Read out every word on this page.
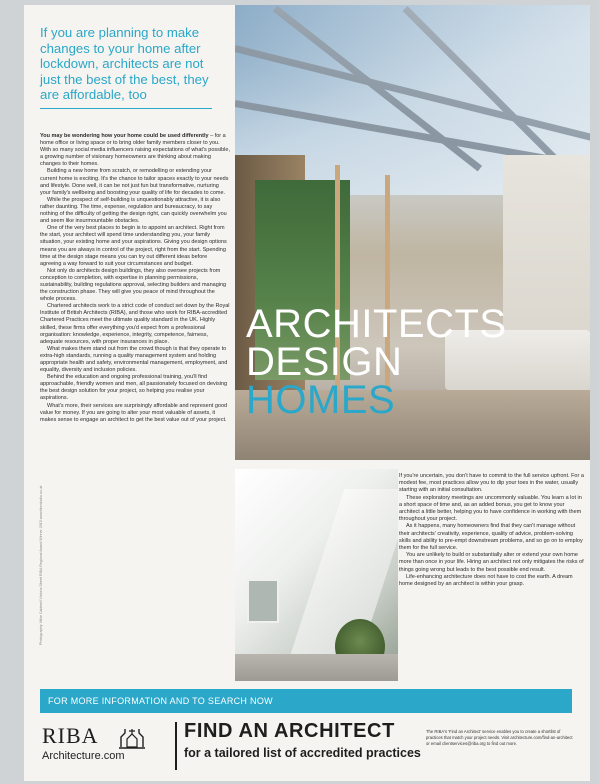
If you are planning to make changes to your home after lockdown, architects are not just the best of the best, they are affordable, too

You may be wondering how your home could be used differently – for a home office or living space or to bring older family members closer to you. With so many social media influencers raising expectations of what's possible, a growing number of visionary homeowners are thinking about making changes to their homes.

Building a new home from scratch, or remodelling or extending your current home is exciting. It's the chance to tailor spaces exactly to your needs and lifestyle. Done well, it can be not just fun but transformative, nurturing your family's wellbeing and boosting your quality of life for decades to come.

While the prospect of self-building is unquestionably attractive, it is also rather daunting. The time, expense, regulation and bureaucracy, to say nothing of the difficulty of getting the design right, can quickly overwhelm you and seem like insurmountable obstacles.

One of the very best places to begin is to appoint an architect. Right from the start, your architect will spend time understanding you, your family situation, your existing home and your aspirations. Giving you design options means you are always in control of the project, right from the start. Spending time at the design stage means you can try out different ideas before agreeing a way forward to suit your circumstances and budget.

Not only do architects design buildings, they also oversee projects from conception to completion, with expertise in planning permissions, sustainability, building regulations approval, selecting builders and managing the construction phase. They will give you peace of mind throughout the whole process.

Chartered architects work to a strict code of conduct set down by the Royal Institute of British Architects (RIBA), and those who work for RIBA-accredited Chartered Practices meet the ultimate quality standard in the UK. Highly skilled, these firms offer everything you'd expect from a professional organisation: knowledge, experience, integrity, competence, fairness, adequate resources, with proper insurances in place.

What makes them stand out from the crowd though is that they operate to extra-high standards, running a quality management system and holding appropriate health and safety, environmental management, employment, and equality, diversity and inclusion policies.

Behind the education and ongoing professional training, you'll find approachable, friendly women and men, all passionately focused on devising the best design solution for your project, so helping you realise your aspirations.

What's more, their services are surprisingly affordable and represent good value for money. If you are going to alter your most valuable of assets, it makes sense to engage an architect to get the best value out of your project.

Photography: Mike Caldwell Victoria Street RIBA Regional Award Winner 2015 www.tdmstudio.co.uk
ARCHITECTS
DESIGN
HOMES

If you're uncertain, you don't have to commit to the full service upfront. For a modest fee, most practices allow you to dip your toes in the water, usually starting with an initial consultation.

These exploratory meetings are uncommonly valuable. You learn a lot in a short space of time and, as an added bonus, you get to know your architect a little better, helping you to have confidence in working with them throughout your project.

As it happens, many homeowners find that they can't manage without their architects' creativity, experience, quality of advice, problem-solving skills and ability to pre-empt downstream problems, and so go on to employ them for the full service.

You are unlikely to build or substantially alter or extend your own home more than once in your life. Hiring an architect not only mitigates the risks of things going wrong but leads to the best possible end result.

Life-enhancing architecture does not have to cost the earth. A dream home designed by an architect is within your grasp.

FOR MORE INFORMATION AND TO SEARCH NOW
RIBA
Architecture.com
FIND AN ARCHITECT
for a tailored list of accredited practices
The RIBA's 'Find an Architect' service enables you to create a shortlist of practices that match your project needs. Visit architecture.com/find-an-architect or email clientservices@riba.org to find out more.
